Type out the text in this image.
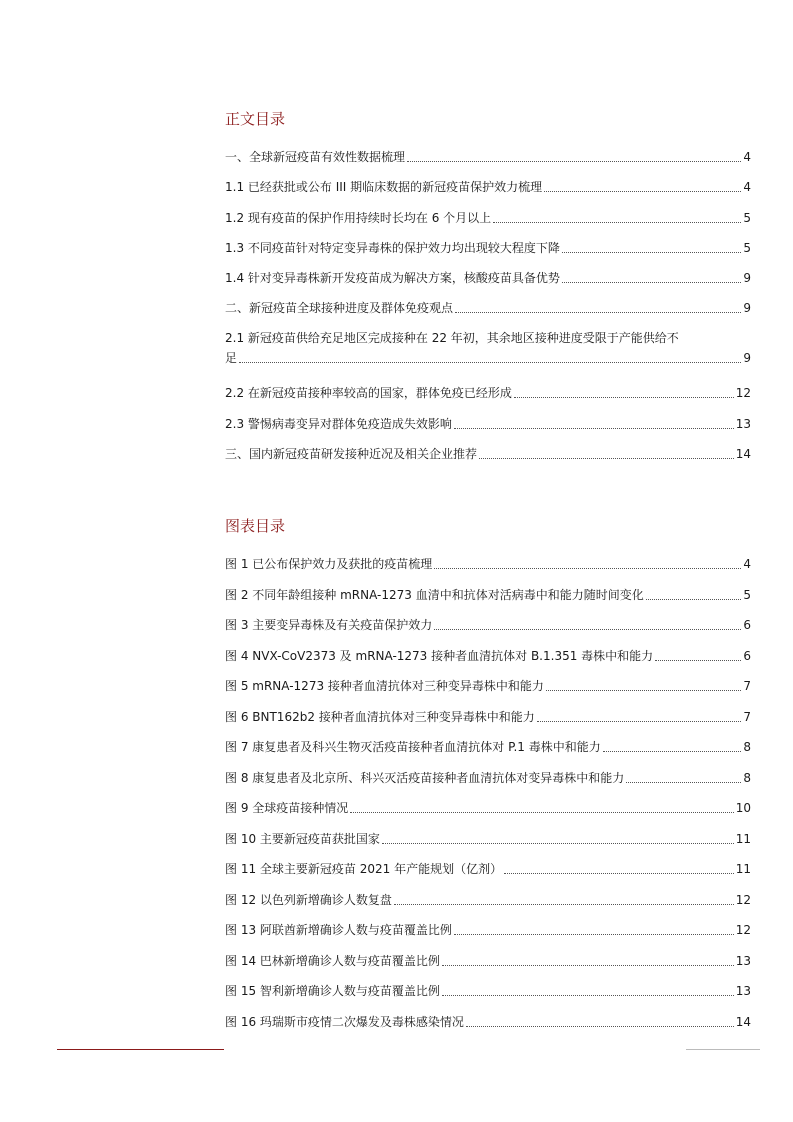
正文目录
一、全球新冠疫苗有效性数据梳理	4
1.1 已经获批或公布 III 期临床数据的新冠疫苗保护效力梳理	4
1.2 现有疫苗的保护作用持续时长均在 6 个月以上	5
1.3 不同疫苗针对特定变异毒株的保护效力均出现较大程度下降	5
1.4 针对变异毒株新开发疫苗成为解决方案，核酸疫苗具备优势	9
二、新冠疫苗全球接种进度及群体免疫观点	9
2.1 新冠疫苗供给充足地区完成接种在 22 年初，其余地区接种进度受限于产能供给不
足	9
2.2 在新冠疫苗接种率较高的国家，群体免疫已经形成	12
2.3 警惕病毒变异对群体免疫造成失效影响	13
三、国内新冠疫苗研发接种近况及相关企业推荐	14
图表目录
图 1 已公布保护效力及获批的疫苗梳理	4
图 2 不同年龄组接种 mRNA-1273 血清中和抗体对活病毒中和能力随时间变化	5
图 3 主要变异毒株及有关疫苗保护效力	6
图 4 NVX-CoV2373 及 mRNA-1273 接种者血清抗体对 B.1.351 毒株中和能力	6
图 5 mRNA-1273 接种者血清抗体对三种变异毒株中和能力	7
图 6 BNT162b2 接种者血清抗体对三种变异毒株中和能力	7
图 7 康复患者及科兴生物灭活疫苗接种者血清抗体对 P.1 毒株中和能力	8
图 8 康复患者及北京所、科兴灭活疫苗接种者血清抗体对变异毒株中和能力	8
图 9 全球疫苗接种情况	10
图 10 主要新冠疫苗获批国家	11
图 11 全球主要新冠疫苗 2021 年产能规划（亿剂）	11
图 12 以色列新增确诊人数复盘	12
图 13 阿联酋新增确诊人数与疫苗覆盖比例	12
图 14 巴林新增确诊人数与疫苗覆盖比例	13
图 15 智利新增确诊人数与疫苗覆盖比例	13
图 16 玛瑞斯市疫情二次爆发及毒株感染情况	14
